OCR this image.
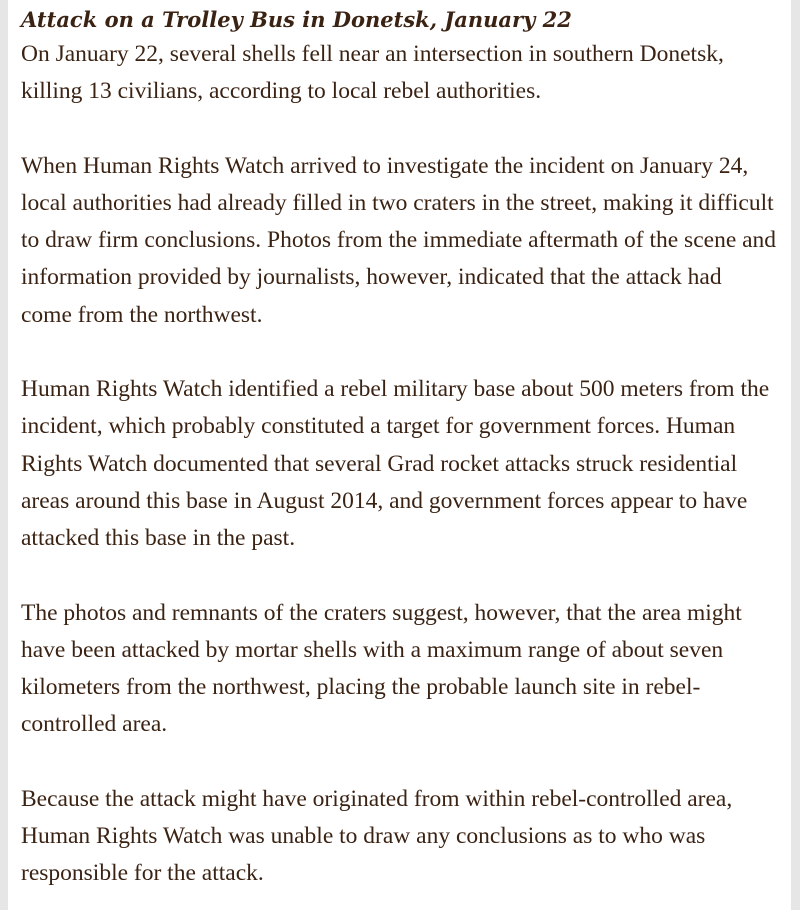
Attack on a Trolley Bus in Donetsk, January 22

On January 22, several shells fell near an intersection in southern Donetsk, killing 13 civilians, according to local rebel authorities.

When Human Rights Watch arrived to investigate the incident on January 24, local authorities had already filled in two craters in the street, making it difficult to draw firm conclusions. Photos from the immediate aftermath of the scene and information provided by journalists, however, indicated that the attack had come from the northwest.

Human Rights Watch identified a rebel military base about 500 meters from the incident, which probably constituted a target for government forces. Human Rights Watch documented that several Grad rocket attacks struck residential areas around this base in August 2014, and government forces appear to have attacked this base in the past.

The photos and remnants of the craters suggest, however, that the area might have been attacked by mortar shells with a maximum range of about seven kilometers from the northwest, placing the probable launch site in rebel-controlled area.

Because the attack might have originated from within rebel-controlled area, Human Rights Watch was unable to draw any conclusions as to who was responsible for the attack.
